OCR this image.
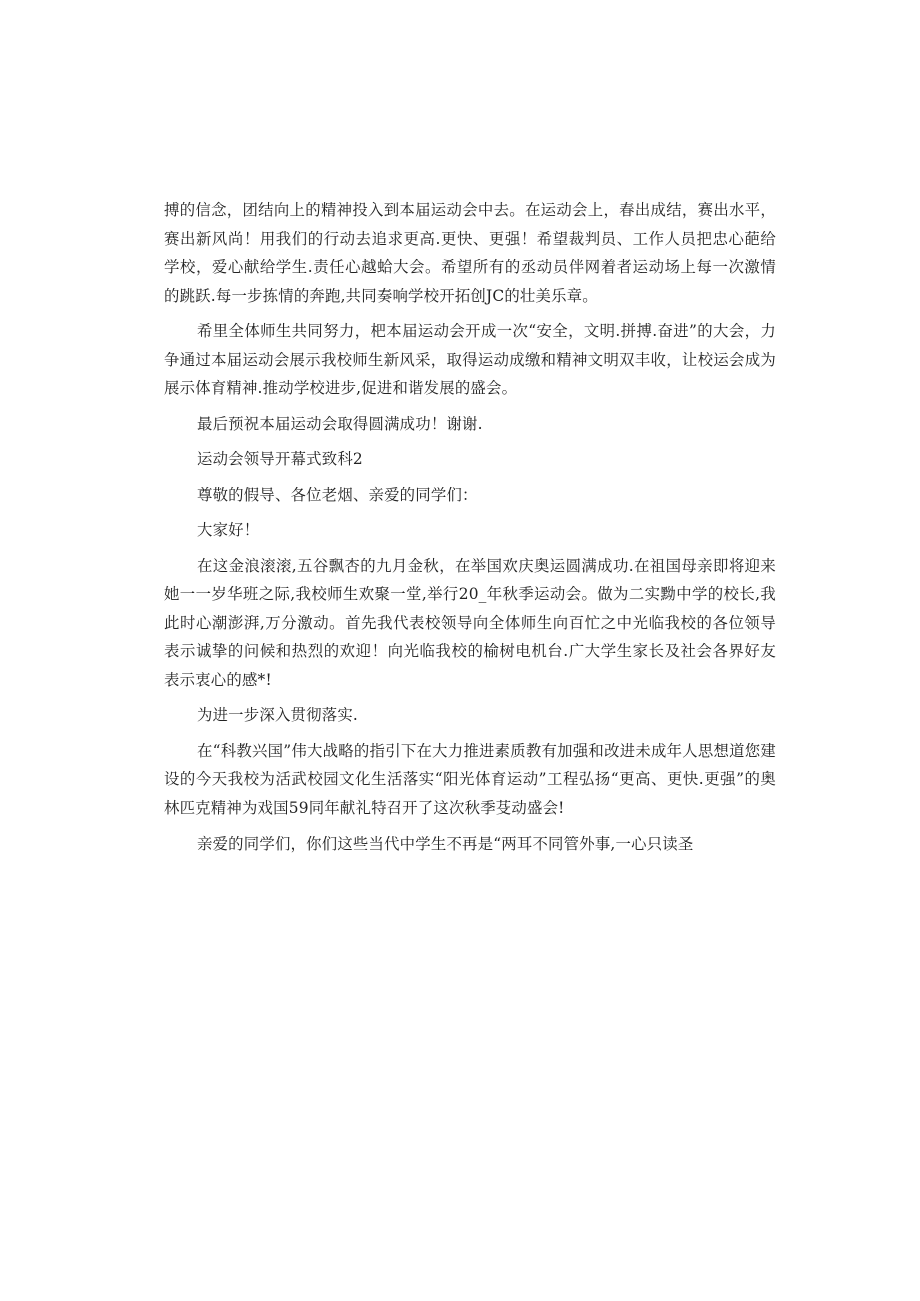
搏的信念，团结向上的精神投入到本届运动会中去。在运动会上，春出成结，赛出水平，赛出新风尚！用我们的行动去追求更高.更快、更强！希望裁判员、工作人员把忠心葩给学校，爱心献给学生.责任心越蛤大会。希望所有的丞动员伴网着者运动场上每一次激情的跳跃.每一步拣情的奔跑,共同奏响学校开拓创JC的壮美乐章。

希里全体师生共同努力，杷本届运动会开成一次“安全，文明.拼搏.奋进”的大会，力争通过本届运动会展示我校师生新风采，取得运动成缴和精神文明双丰收，让校运会成为展示体育精神.推动学校进步,促进和谐发展的盛会。

最后预祝本届运动会取得圆满成功！谢谢.

运动会领导开幕式致科2

尊敬的假导、各位老烟、亲爱的同学们：

大家好！

在这金浪滚滚,五谷飘杏的九月金秋，在举国欢庆奥运圆满成功.在祖国母亲即将迎来她一一岁华班之际,我校师生欢聚一堂,举行20_年秋季运动会。做为二实黝中学的校长,我此时心潮澎湃,万分激动。首先我代表校领导向全体师生向百忙之中光临我校的各位领导表示诚挚的问候和热烈的欢迎！向光临我校的榆树电机台.广大学生家长及社会各界好友表示衷心的感*!

为进一步深入贯彻落实.

在“科教兴国”伟大战略的指引下在大力推进素质教有加强和改进未成年人思想道您建设的今天我校为活武校园文化生活落实“阳光体育运动”工程弘扬“更高、更快.更强”的奥林匹克精神为戏国59同年献礼特召开了这次秋季芟动盛会!

亲爱的同学们，你们这些当代中学生不再是“两耳不同管外事,一心只读圣
